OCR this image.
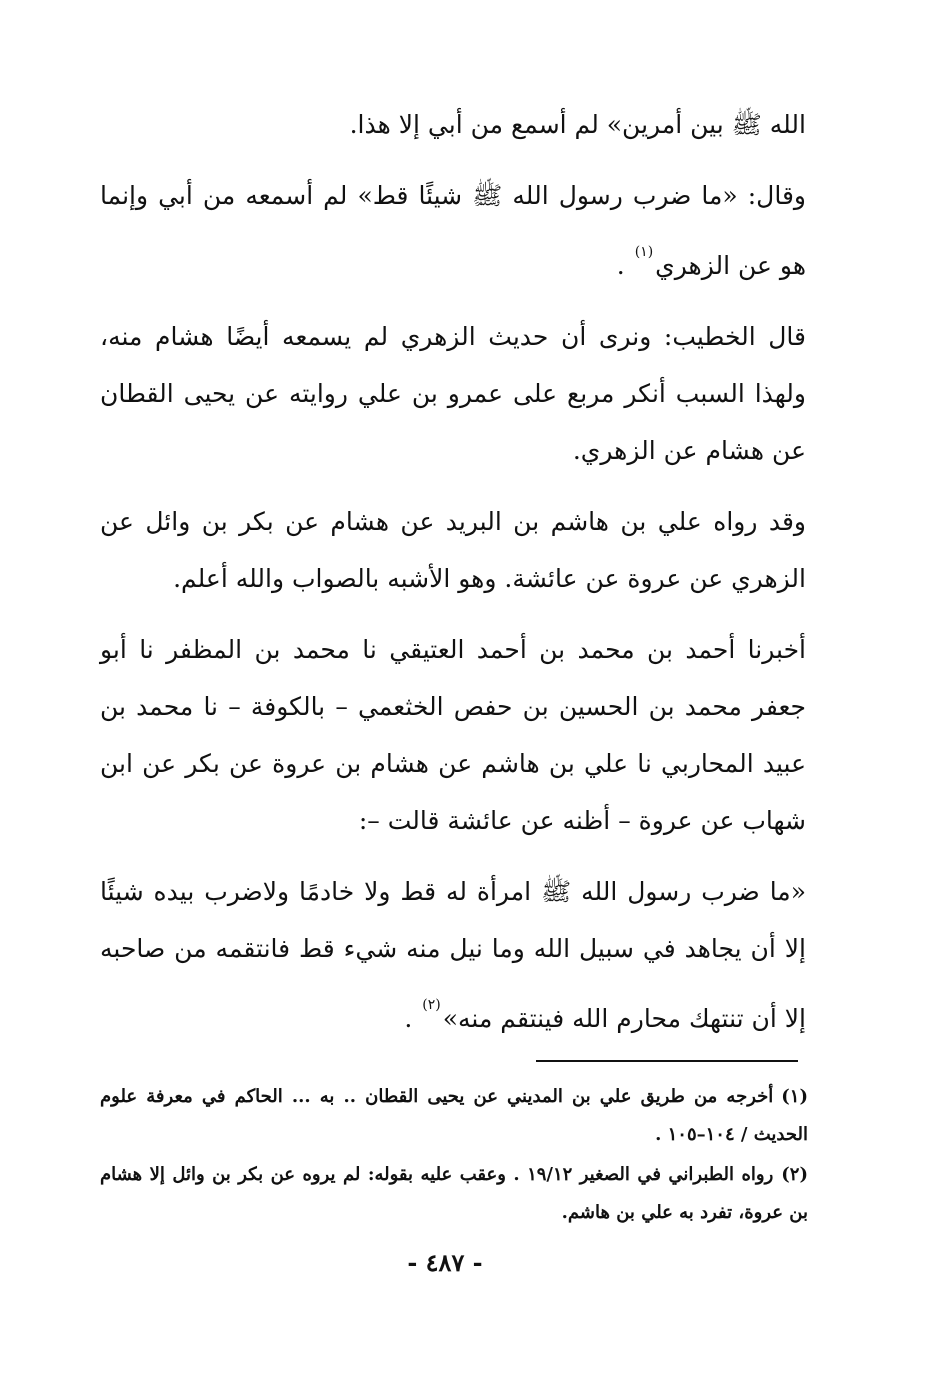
الله ﷺ بين أمرين» لم أسمع من أبي إلا هذا.

وقال: «ما ضرب رسول الله ﷺ شيئًا قط» لم أسمعه من أبي وإنما هو عن الزهري$^{(١)}$ .

قال الخطيب: ونرى أن حديث الزهري لم يسمعه أيضًا هشام منه، ولهذا السبب أنكر مربع على عمرو بن علي روايته عن يحيى القطان عن هشام عن الزهري.

وقد رواه علي بن هاشم بن البريد عن هشام عن بكر بن وائل عن الزهري عن عروة عن عائشة. وهو الأشبه بالصواب والله أعلم.

أخبرنا أحمد بن محمد بن أحمد العتيقي نا محمد بن المظفر نا أبو جعفر محمد بن الحسين بن حفص الخثعمي – بالكوفة – نا محمد بن عبيد المحاربي نا علي بن هاشم عن هشام بن عروة عن بكر عن ابن شهاب عن عروة – أظنه عن عائشة قالت –:

«ما ضرب رسول الله ﷺ امرأة له قط ولا خادمًا ولاضرب بيده شيئًا إلا أن يجاهد في سبيل الله وما نيل منه شيء قط فانتقمه من صاحبه إلا أن تنتهك محارم الله فينتقم منه»$^{(٢)}$ .

(١)أخرجه من طريق علي بن المديني عن يحيى القطان .. به ... الحاكم في معرفة علوم الحديث / ١٠٤–١٠٥ .
(٢)رواه الطبراني في الصغير ١٩/١٢ . وعقب عليه بقوله: لم يروه عن بكر بن وائل إلا هشام بن عروة، تفرد به علي بن هاشم.
- ٤٨٧ -
